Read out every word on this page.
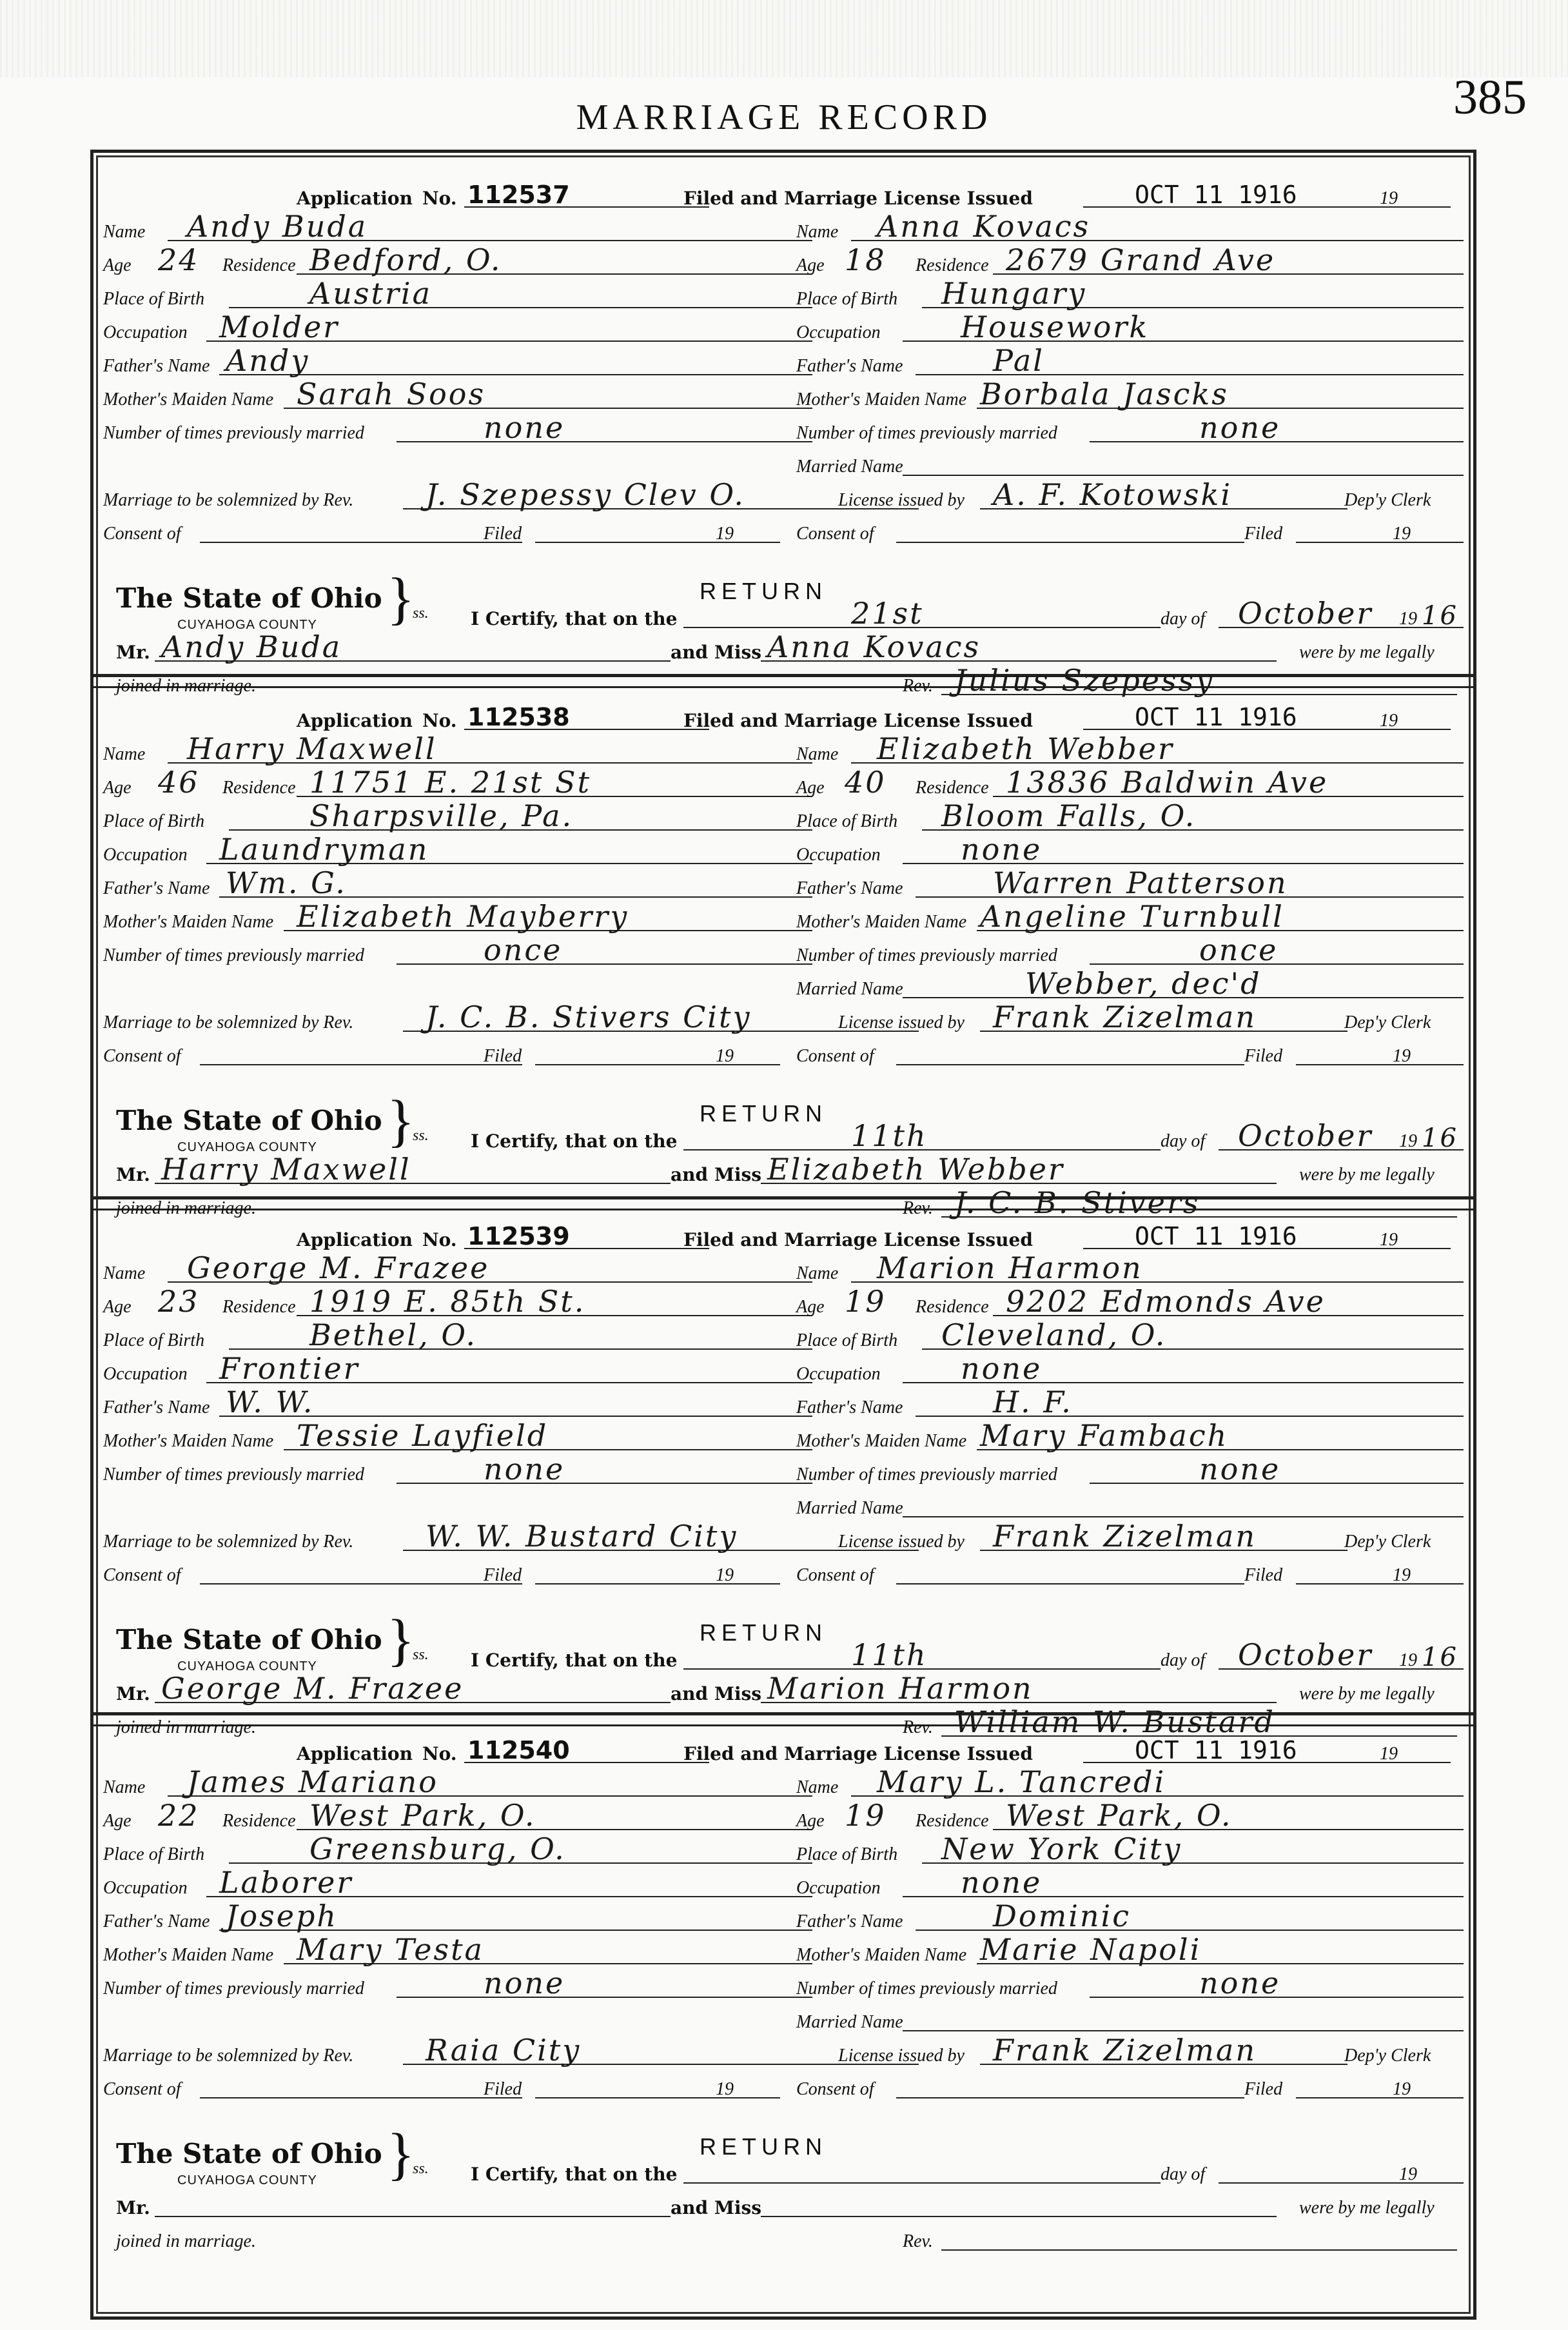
MARRIAGE RECORD	385
Application No. 112537	Filed and Marriage License Issued	OCT 11 1916	19
Name Andy Buda	Name Anna Kovacs
Age 24 Residence Bedford, O.	Age 18 Residence 2679 Grand Ave
Place of Birth	Austria	Place of Birth Hungary
Occupation Molder	Occupation	Housework
Father's Name Andy	Father's Name	Pal
Mother's Maiden Name Sarah Soos	Mother's Maiden Name Borbala Jascks
Number of times previously married	none	Number of times previously married	none
Married Name
Marriage to be solemnized by Rev. J. Szepessy Clev O.	License issued by A. F. Kotowski	Dep'y Clerk
Consent of	Filed	19	Consent of	Filed	19
The State of Ohio
CUYAHOGA COUNTY }
ss.
RETURN
I Certify, that on the	21st	day of October 19 16
Mr. Andy Buda	and Miss Anna Kovacs	were by me legally
joined in marriage.	Rev. Julius Szepessy
Application No. 112538	Filed and Marriage License Issued	OCT 11 1916	19
Name Harry Maxwell	Name Elizabeth Webber
Age 46 Residence 11751 E. 21st St	Age 40 Residence 13836 Baldwin Ave
Place of Birth	Sharpsville, Pa.	Place of Birth Bloom Falls, O.
Occupation Laundryman	Occupation	none
Father's Name Wm. G.	Father's Name	Warren Patterson
Mother's Maiden Name Elizabeth Mayberry	Mother's Maiden Name Angeline Turnbull
Number of times previously married	once	Number of times previously married	once
Married Name	Webber, dec'd
Marriage to be solemnized by Rev. J. C. B. Stivers City	License issued by Frank Zizelman	Dep'y Clerk
Consent of	Filed	19	Consent of	Filed	19
The State of Ohio
CUYAHOGA COUNTY }
ss.
RETURN
I Certify, that on the	11th	day of October 19 16
Mr. Harry Maxwell	and Miss Elizabeth Webber	were by me legally
joined in marriage.	Rev. J. C. B. Stivers
Application No. 112539	Filed and Marriage License Issued	OCT 11 1916	19
Name George M. Frazee	Name Marion Harmon
Age 23 Residence 1919 E. 85th St.	Age 19 Residence 9202 Edmonds Ave
Place of Birth	Bethel, O.	Place of Birth Cleveland, O.
Occupation Frontier	Occupation	none
Father's Name W. W.	Father's Name	H. F.
Mother's Maiden Name Tessie Layfield	Mother's Maiden Name Mary Fambach
Number of times previously married	none	Number of times previously married	none
Married Name
Marriage to be solemnized by Rev. W. W. Bustard City	License issued by Frank Zizelman	Dep'y Clerk
Consent of	Filed	19	Consent of	Filed	19
The State of Ohio
CUYAHOGA COUNTY }
ss.
RETURN
I Certify, that on the	11th	day of October 19 16
Mr. George M. Frazee	and Miss Marion Harmon	were by me legally
joined in marriage.	Rev. William W. Bustard
Application No. 112540	Filed and Marriage License Issued	OCT 11 1916	19
Name James Mariano	Name Mary L. Tancredi
Age 22 Residence West Park, O.	Age 19 Residence West Park, O.
Place of Birth	Greensburg, O.	Place of Birth New York City
Occupation Laborer	Occupation	none
Father's Name Joseph	Father's Name	Dominic
Mother's Maiden Name Mary Testa	Mother's Maiden Name Marie Napoli
Number of times previously married	none	Number of times previously married	none
Married Name
Marriage to be solemnized by Rev. Raia City	License issued by Frank Zizelman	Dep'y Clerk
Consent of	Filed	19	Consent of	Filed	19
The State of Ohio
CUYAHOGA COUNTY }
ss.
RETURN
I Certify, that on the	day of	19
Mr.	and Miss	were by me legally
joined in marriage.	Rev.
